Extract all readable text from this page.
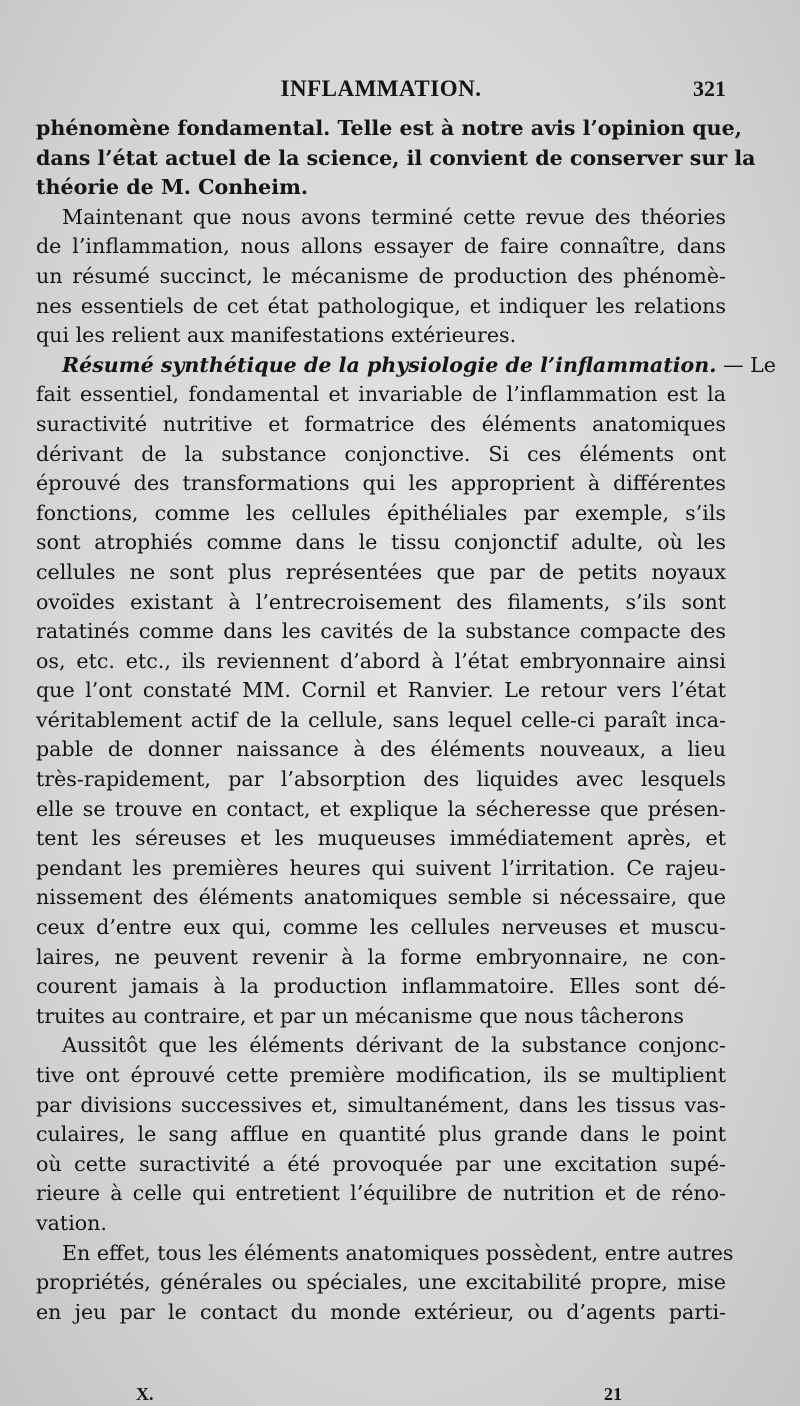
INFLAMMATION.	321
phénomène fondamental. Telle est à notre avis l’opinion que,
dans l’état actuel de la science, il convient de conserver sur la
théorie de M. Conheim.
Maintenant que nous avons terminé cette revue des théories
de l’inflammation, nous allons essayer de faire connaître, dans
un résumé succinct, le mécanisme de production des phénomè-
nes essentiels de cet état pathologique, et indiquer les relations
qui les relient aux manifestations extérieures.
Résumé synthétique de la physiologie de l’inflammation. — Le
fait essentiel, fondamental et invariable de l’inflammation est la
suractivité nutritive et formatrice des éléments anatomiques
dérivant de la substance conjonctive. Si ces éléments ont
éprouvé des transformations qui les approprient à différentes
fonctions, comme les cellules épithéliales par exemple, s’ils
sont atrophiés comme dans le tissu conjonctif adulte, où les
cellules ne sont plus représentées que par de petits noyaux
ovoïdes existant à l’entrecroisement des filaments, s’ils sont
ratatinés comme dans les cavités de la substance compacte des
os, etc. etc., ils reviennent d’abord à l’état embryonnaire ainsi
que l’ont constaté MM. Cornil et Ranvier. Le retour vers l’état
véritablement actif de la cellule, sans lequel celle-ci paraît inca-
pable de donner naissance à des éléments nouveaux, a lieu
très-rapidement, par l’absorption des liquides avec lesquels
elle se trouve en contact, et explique la sécheresse que présen-
tent les séreuses et les muqueuses immédiatement après, et
pendant les premières heures qui suivent l’irritation. Ce rajeu-
nissement des éléments anatomiques semble si nécessaire, que
ceux d’entre eux qui, comme les cellules nerveuses et muscu-
laires, ne peuvent revenir à la forme embryonnaire, ne con-
courent jamais à la production inflammatoire. Elles sont dé-
truites au contraire, et par un mécanisme que nous tâcherons
Aussitôt que les éléments dérivant de la substance conjonc-
tive ont éprouvé cette première modification, ils se multiplient
par divisions successives et, simultanément, dans les tissus vas-
culaires, le sang afflue en quantité plus grande dans le point
où cette suractivité a été provoquée par une excitation supé-
rieure à celle qui entretient l’équilibre de nutrition et de réno-
vation.
En effet, tous les éléments anatomiques possèdent, entre autres
propriétés, générales ou spéciales, une excitabilité propre, mise
en jeu par le contact du monde extérieur, ou d’agents parti-
X.	21
